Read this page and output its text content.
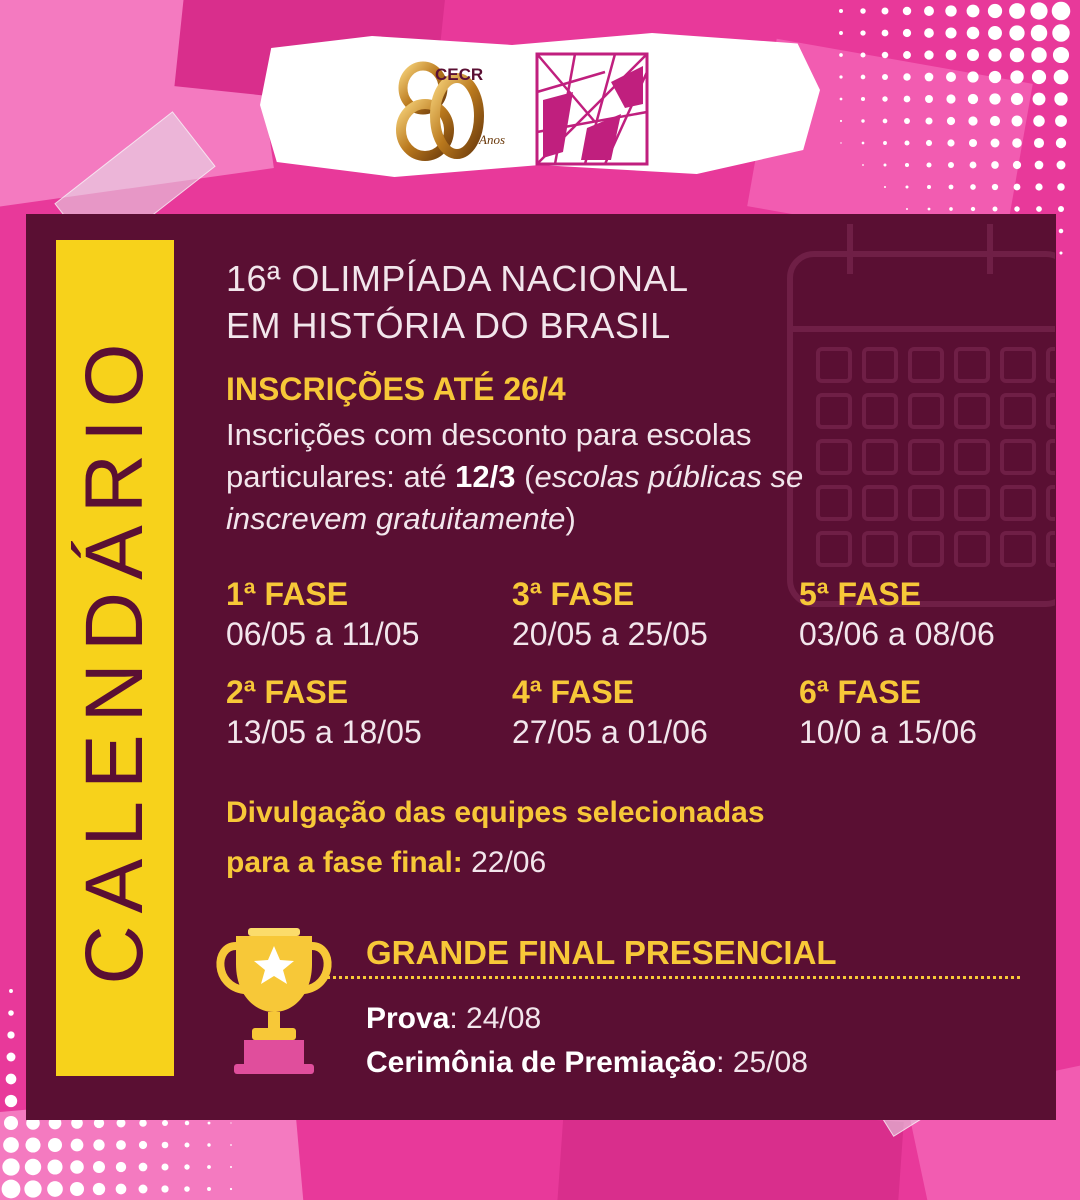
CECR
Anos
CALENDÁRIO
16ª OLIMPÍADA NACIONAL
EM HISTÓRIA DO BRASIL
INSCRIÇÕES ATÉ 26/4
Inscrições com desconto para escolas particulares: até 12/3 (escolas públicas se inscrevem gratuitamente)
1ª FASE
06/05 a 11/05
2ª FASE
13/05 a 18/05
3ª FASE
20/05 a 25/05
4ª FASE
27/05 a 01/06
5ª FASE
03/06 a 08/06
6ª FASE
10/0 a 15/06
Divulgação das equipes selecionadas
para a fase final: 22/06
GRANDE FINAL PRESENCIAL
Prova: 24/08
Cerimônia de Premiação: 25/08
